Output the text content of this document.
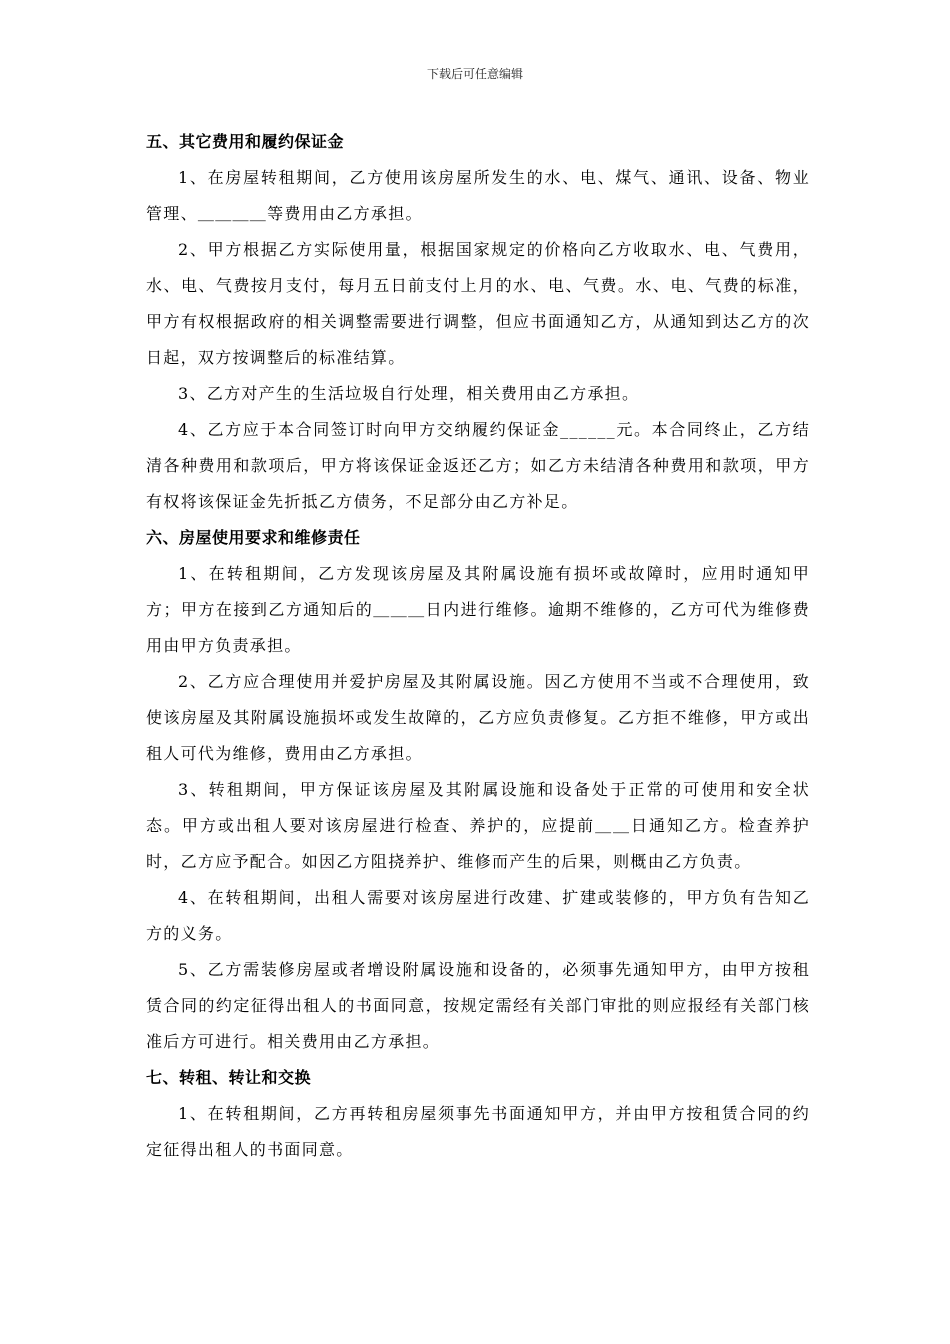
下载后可任意编辑
五、其它费用和履约保证金

1、在房屋转租期间，乙方使用该房屋所发生的水、电、煤气、通讯、设备、物业管理、＿＿＿＿等费用由乙方承担。

2、甲方根据乙方实际使用量，根据国家规定的价格向乙方收取水、电、气费用，水、电、气费按月支付，每月五日前支付上月的水、电、气费。水、电、气费的标准，甲方有权根据政府的相关调整需要进行调整，但应书面通知乙方，从通知到达乙方的次日起，双方按调整后的标准结算。

3、乙方对产生的生活垃圾自行处理，相关费用由乙方承担。

4、乙方应于本合同签订时向甲方交纳履约保证金______元。本合同终止，乙方结清各种费用和款项后，甲方将该保证金返还乙方；如乙方未结清各种费用和款项，甲方有权将该保证金先折抵乙方债务，不足部分由乙方补足。

六、房屋使用要求和维修责任

1、在转租期间，乙方发现该房屋及其附属设施有损坏或故障时，应用时通知甲方；甲方在接到乙方通知后的＿＿＿日内进行维修。逾期不维修的，乙方可代为维修费用由甲方负责承担。

2、乙方应合理使用并爱护房屋及其附属设施。因乙方使用不当或不合理使用，致使该房屋及其附属设施损坏或发生故障的，乙方应负责修复。乙方拒不维修，甲方或出租人可代为维修，费用由乙方承担。

3、转租期间，甲方保证该房屋及其附属设施和设备处于正常的可使用和安全状态。甲方或出租人要对该房屋进行检查、养护的，应提前＿＿日通知乙方。检查养护时，乙方应予配合。如因乙方阻挠养护、维修而产生的后果，则概由乙方负责。

4、在转租期间，出租人需要对该房屋进行改建、扩建或装修的，甲方负有告知乙方的义务。

5、乙方需装修房屋或者增设附属设施和设备的，必须事先通知甲方，由甲方按租赁合同的约定征得出租人的书面同意，按规定需经有关部门审批的则应报经有关部门核准后方可进行。相关费用由乙方承担。

七、转租、转让和交换

1、在转租期间，乙方再转租房屋须事先书面通知甲方，并由甲方按租赁合同的约定征得出租人的书面同意。
